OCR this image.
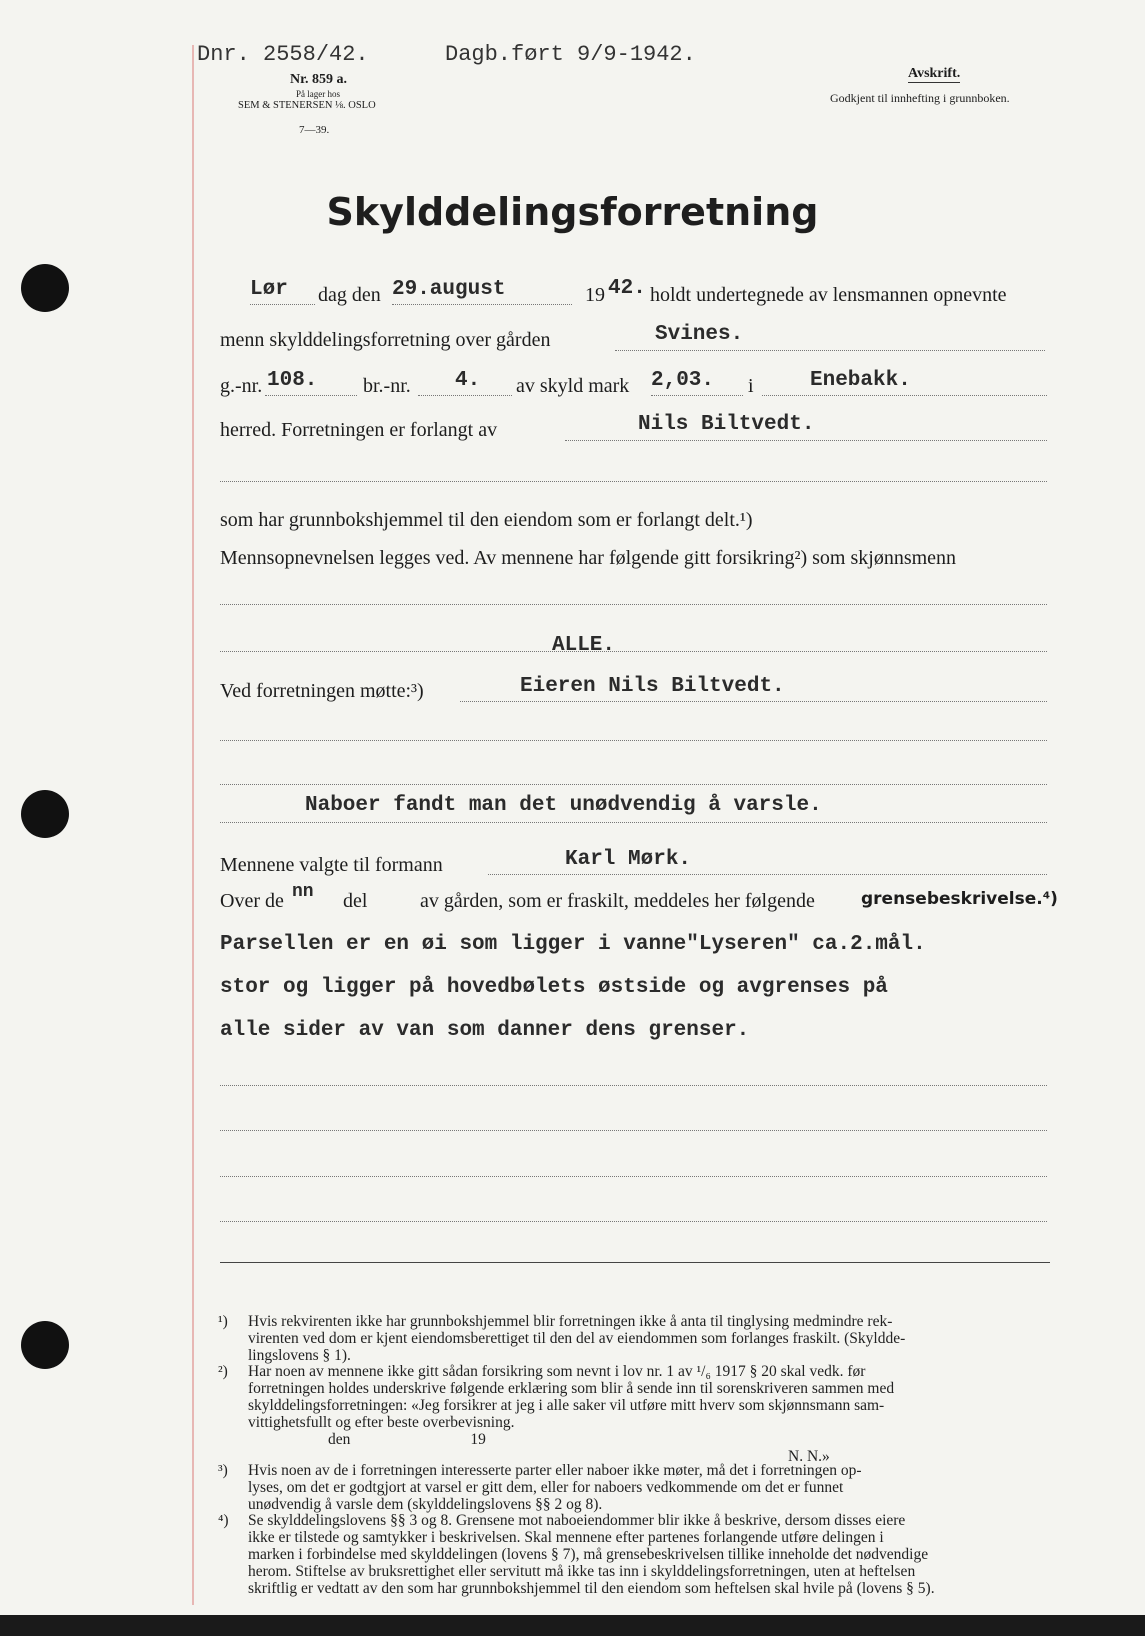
Dnr. 2558/42.	Dagb.ført 9/9-1942.
Nr. 859 a.
På lager hos
SEM & STENERSEN ⅛. OSLO
7—39.
Avskrift.
Godkjent til innhefting i grunnboken.
Skylddelingsforretning
Lør dag den 29.august	19 42. holdt undertegnede av lensmannen opnevnte
menn skylddelingsforretning over gården	Svines.
g.-nr. 108. br.-nr. 4. av skyld mark 2,03. i	Enebakk.
herred. Forretningen er forlangt av	Nils Biltvedt.
som har grunnbokshjemmel til den eiendom som er forlangt delt.¹)
Mennsopnevnelsen legges ved. Av mennene har følgende gitt forsikring²) som skjønnsmenn
ALLE.
Ved forretningen møtte:³)	Eieren Nils Biltvedt.
Naboer fandt man det unødvendig å varsle.
Mennene valgte til formann	Karl Mørk.
Over de nn del	av gården, som er fraskilt, meddeles her følgende	grensebeskrivelse.⁴)
Parsellen er en øi som ligger i vanne"Lyseren" ca.2.mål.
stor og ligger på hovedbølets østside og avgrenses på
alle sider av van som danner dens grenser.
¹) Hvis rekvirenten ikke har grunnbokshjemmel blir forretningen ikke å anta til tinglysing medmindre rek-

virenten ved dom er kjent eiendomsberettiget til den del av eiendommen som forlanges fraskilt. (Skyldde-

lingslovens § 1).

²) Har noen av mennene ikke gitt sådan forsikring som nevnt i lov nr. 1 av ¹/₆ 1917 § 20 skal vedk. før

forretningen holdes underskrive følgende erklæring som blir å sende inn til sorenskriveren sammen med

skylddelingsforretningen: «Jeg forsikrer at jeg i alle saker vil utføre mitt hverv som skjønnsmann sam-

vittighetsfullt og efter beste overbevisning.

den	19

N. N.»

³) Hvis noen av de i forretningen interesserte parter eller naboer ikke møter, må det i forretningen op-

lyses, om det er godtgjort at varsel er gitt dem, eller for naboers vedkommende om det er funnet

unødvendig å varsle dem (skylddelingslovens §§ 2 og 8).

⁴) Se skylddelingslovens §§ 3 og 8. Grensene mot naboeiendommer blir ikke å beskrive, dersom disses eiere

ikke er tilstede og samtykker i beskrivelsen. Skal mennene efter partenes forlangende utføre delingen i

marken i forbindelse med skylddelingen (lovens § 7), må grensebeskrivelsen tillike inneholde det nødvendige

herom. Stiftelse av bruksrettighet eller servitutt må ikke tas inn i skylddelingsforretningen, uten at heftelsen

skriftlig er vedtatt av den som har grunnbokshjemmel til den eiendom som heftelsen skal hvile på (lovens § 5).
